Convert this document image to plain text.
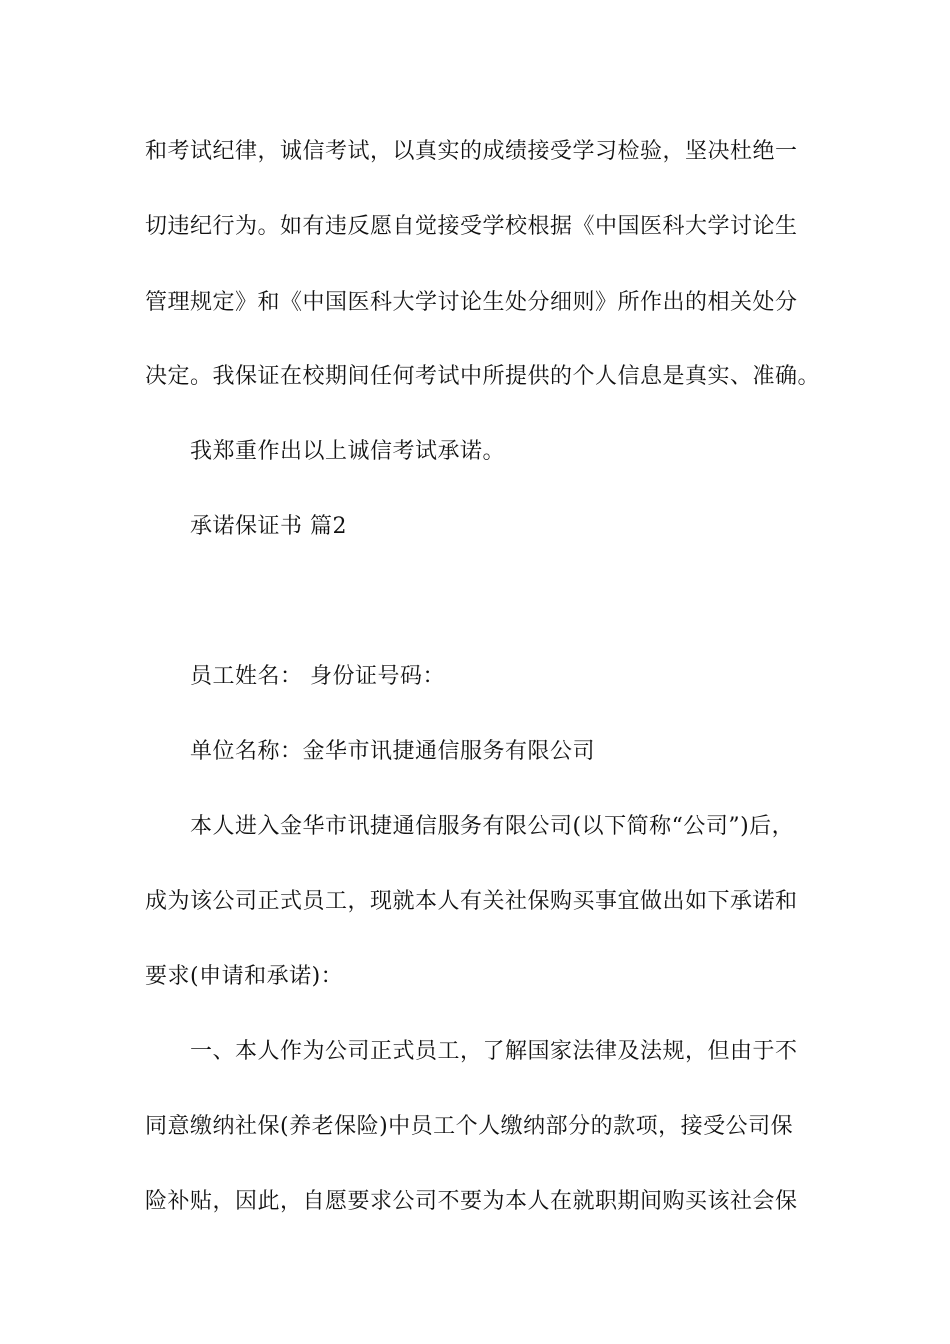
和考试纪律，诚信考试，以真实的成绩接受学习检验，坚决杜绝一

切违纪行为。如有违反愿自觉接受学校根据《中国医科大学讨论生

管理规定》和《中国医科大学讨论生处分细则》所作出的相关处分

决定。我保证在校期间任何考试中所提供的个人信息是真实、准确。

我郑重作出以上诚信考试承诺。

承诺保证书 篇2

员工姓名： 身份证号码：

单位名称：金华市讯捷通信服务有限公司

本人进入金华市讯捷通信服务有限公司(以下简称“公司”)后，

成为该公司正式员工，现就本人有关社保购买事宜做出如下承诺和

要求(申请和承诺)：

一、本人作为公司正式员工，了解国家法律及法规，但由于不

同意缴纳社保(养老保险)中员工个人缴纳部分的款项，接受公司保

险补贴，因此，自愿要求公司不要为本人在就职期间购买该社会保
